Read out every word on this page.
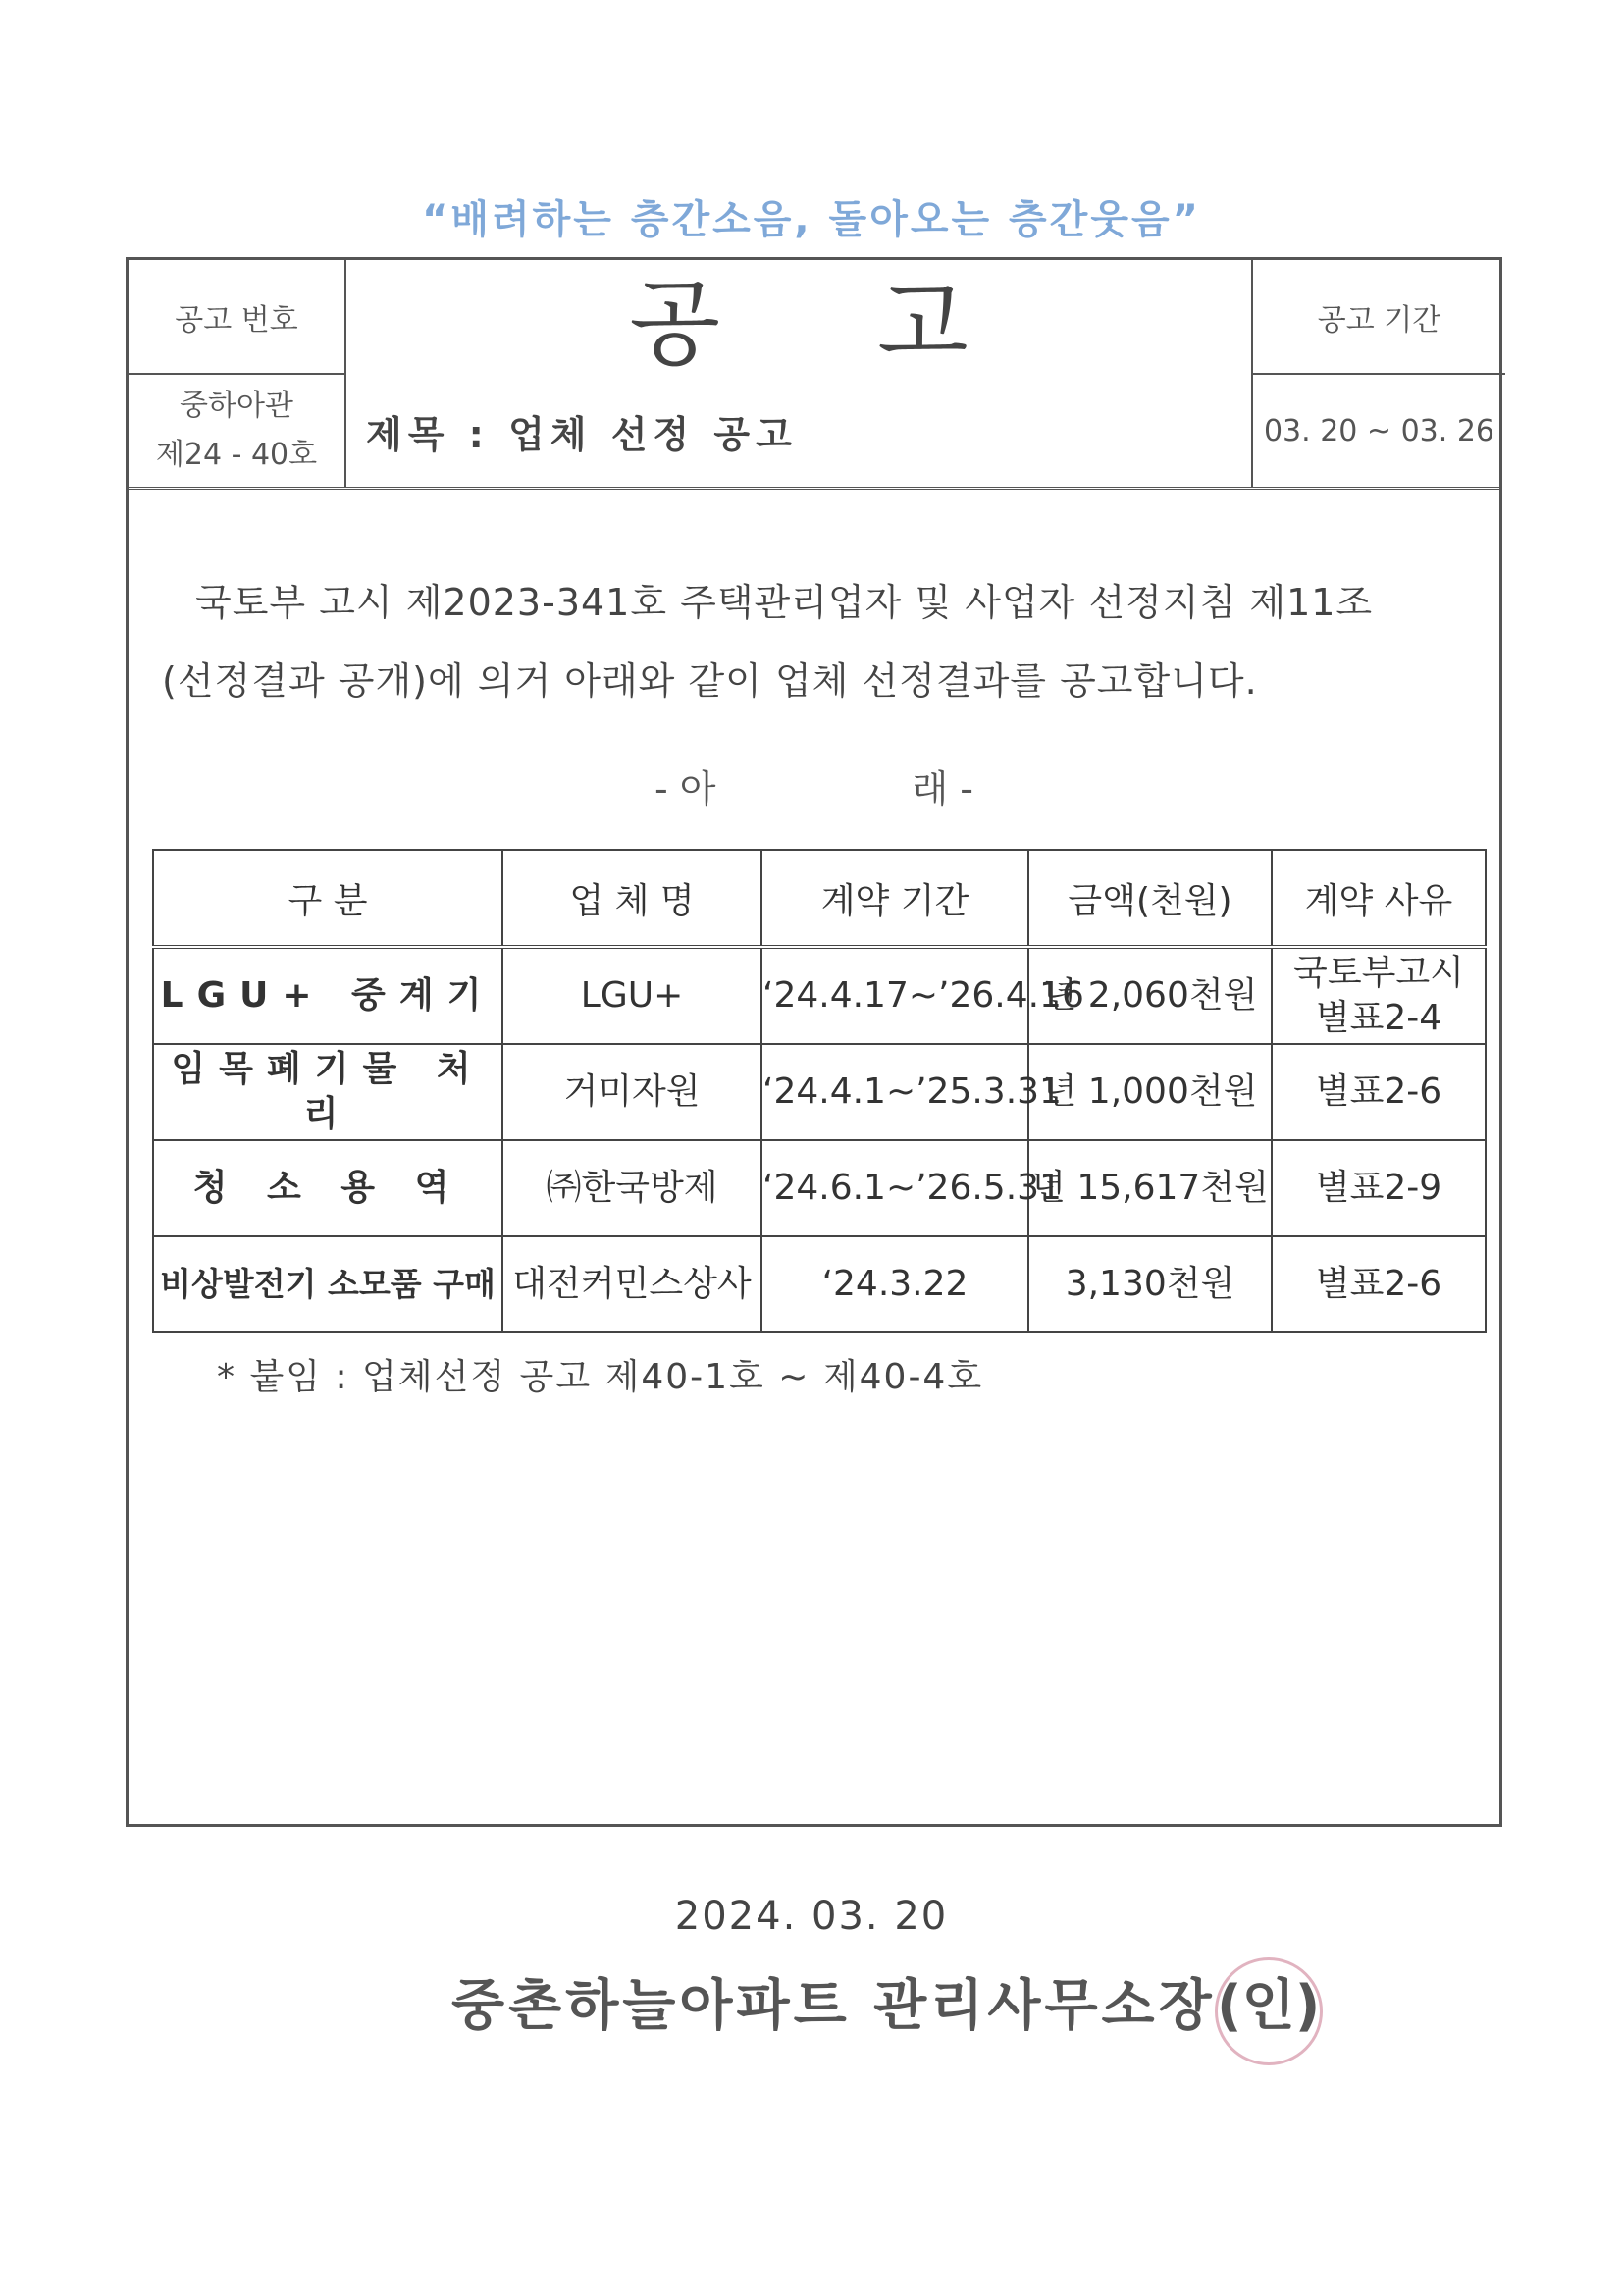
“배려하는 층간소음, 돌아오는 층간웃음”
공고 번호	공 고	공고 기간
중하아관
제24 - 40호	제목 : 업체 선정 공고	03. 20 ~ 03. 26
국토부 고시 제2023-341호 주택관리업자 및 사업자 선정지침 제11조
(선정결과 공개)에 의거 아래와 같이 업체 선정결과를 공고합니다.
- 아	래 -
구 분	업 체 명	계약 기간	금액(천원)	계약 사유
LGU+ 중계기	LGU+	‘24.4.17~’26.4.16	년 2,060천원	국토부고시 별표2-4
임목폐기물 처리	거미자원	‘24.4.1~’25.3.31	년 1,000천원	별표2-6
청 소 용 역	㈜한국방제	‘24.6.1~’26.5.31	년 15,617천원	별표2-9
비상발전기 소모품 구매	대전커민스상사	‘24.3.22	3,130천원	별표2-6
* 붙임 : 업체선정 공고 제40-1호 ~ 제40-4호
2024. 03. 20
중촌하늘아파트 관리사무소장 (인)
